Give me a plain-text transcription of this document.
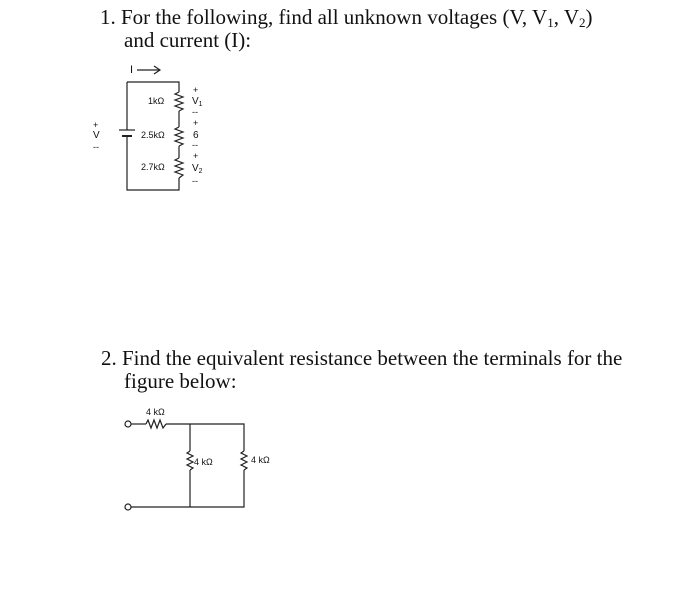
1. For the following, find all unknown voltages (V, $V_1$, $V_2$)
and current (I):
2. Find the equivalent resistance between the terminals for the
figure below:
I
1kΩ
2.5kΩ
2.7kΩ
+
V
--
+
$V_1$
--
+
6
--
+
$V_2$
--
4 kΩ
4 kΩ	4 kΩ
